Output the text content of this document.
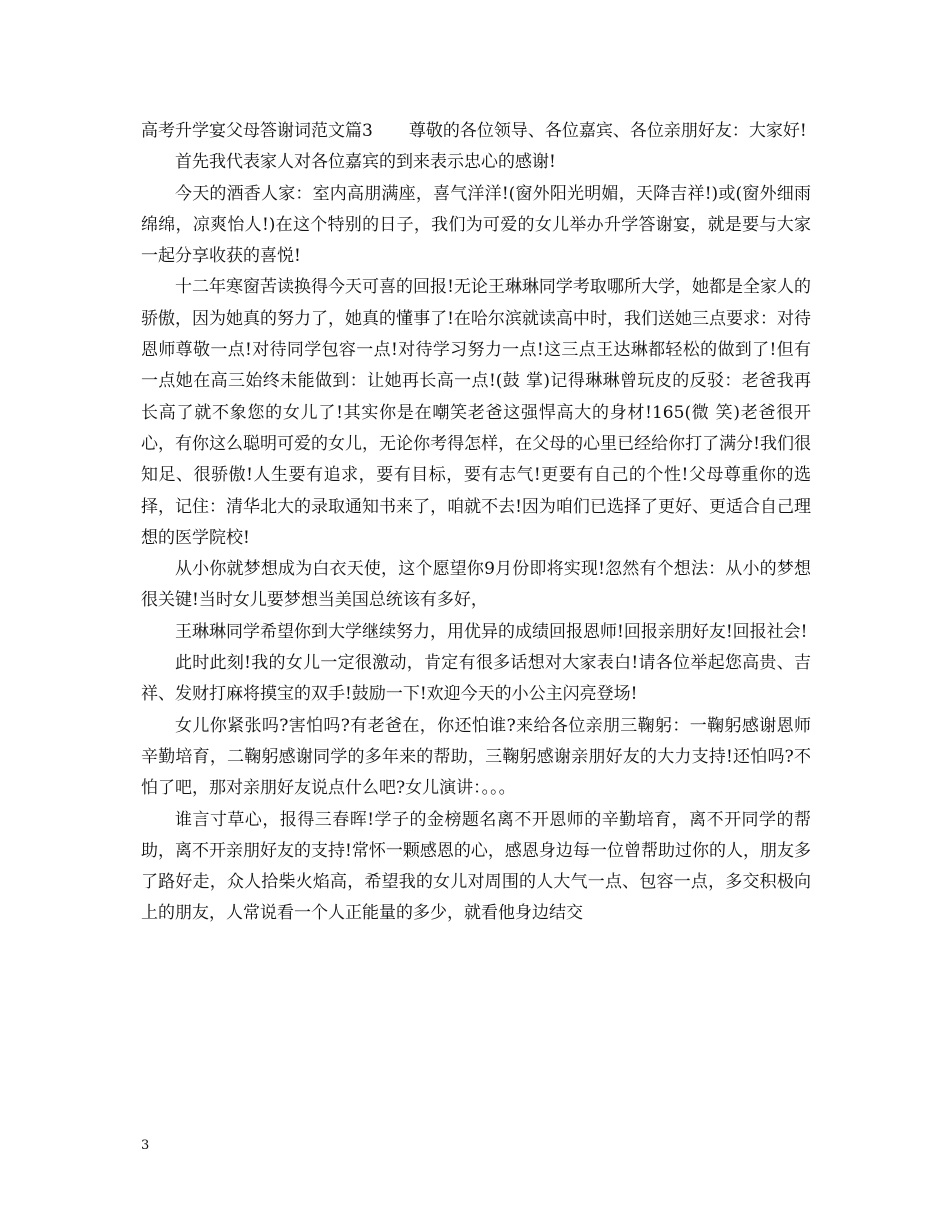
高考升学宴父母答谢词范文篇3 尊敬的各位领导、各位嘉宾、各位亲朋好友：大家好!

首先我代表家人对各位嘉宾的到来表示忠心的感谢!

今天的酒香人家：室内高朋满座，喜气洋洋!(窗外阳光明媚，天降吉祥!)或(窗外细雨绵绵，凉爽怡人!)在这个特别的日子，我们为可爱的女儿举办升学答谢宴，就是要与大家一起分享收获的喜悦!

十二年寒窗苦读换得今天可喜的回报!无论王琳琳同学考取哪所大学，她都是全家人的骄傲，因为她真的努力了，她真的懂事了!在哈尔滨就读高中时，我们送她三点要求：对待恩师尊敬一点!对待同学包容一点!对待学习努力一点!这三点王达琳都轻松的做到了!但有一点她在高三始终未能做到：让她再长高一点!(鼓 掌)记得琳琳曾玩皮的反驳：老爸我再长高了就不象您的女儿了!其实你是在嘲笑老爸这强悍高大的身材!165(微 笑)老爸很开心，有你这么聪明可爱的女儿，无论你考得怎样，在父母的心里已经给你打了满分!我们很知足、很骄傲!人生要有追求，要有目标，要有志气!更要有自己的个性!父母尊重你的选择，记住：清华北大的录取通知书来了，咱就不去!因为咱们已选择了更好、更适合自己理想的医学院校!

从小你就梦想成为白衣天使，这个愿望你9月份即将实现!忽然有个想法：从小的梦想很关键!当时女儿要梦想当美国总统该有多好，

王琳琳同学希望你到大学继续努力，用优异的成绩回报恩师!回报亲朋好友!回报社会!

此时此刻!我的女儿一定很激动，肯定有很多话想对大家表白!请各位举起您高贵、吉祥、发财打麻将摸宝的双手!鼓励一下!欢迎今天的小公主闪亮登场!

女儿你紧张吗?害怕吗?有老爸在，你还怕谁?来给各位亲朋三鞠躬：一鞠躬感谢恩师辛勤培育，二鞠躬感谢同学的多年来的帮助，三鞠躬感谢亲朋好友的大力支持!还怕吗?不怕了吧，那对亲朋好友说点什么吧?女儿演讲：。。。

谁言寸草心，报得三春晖!学子的金榜题名离不开恩师的辛勤培育，离不开同学的帮助，离不开亲朋好友的支持!常怀一颗感恩的心，感恩身边每一位曾帮助过你的人，朋友多了路好走，众人拾柴火焰高，希望我的女儿对周围的人大气一点、包容一点，多交积极向上的朋友，人常说看一个人正能量的多少，就看他身边结交

3
